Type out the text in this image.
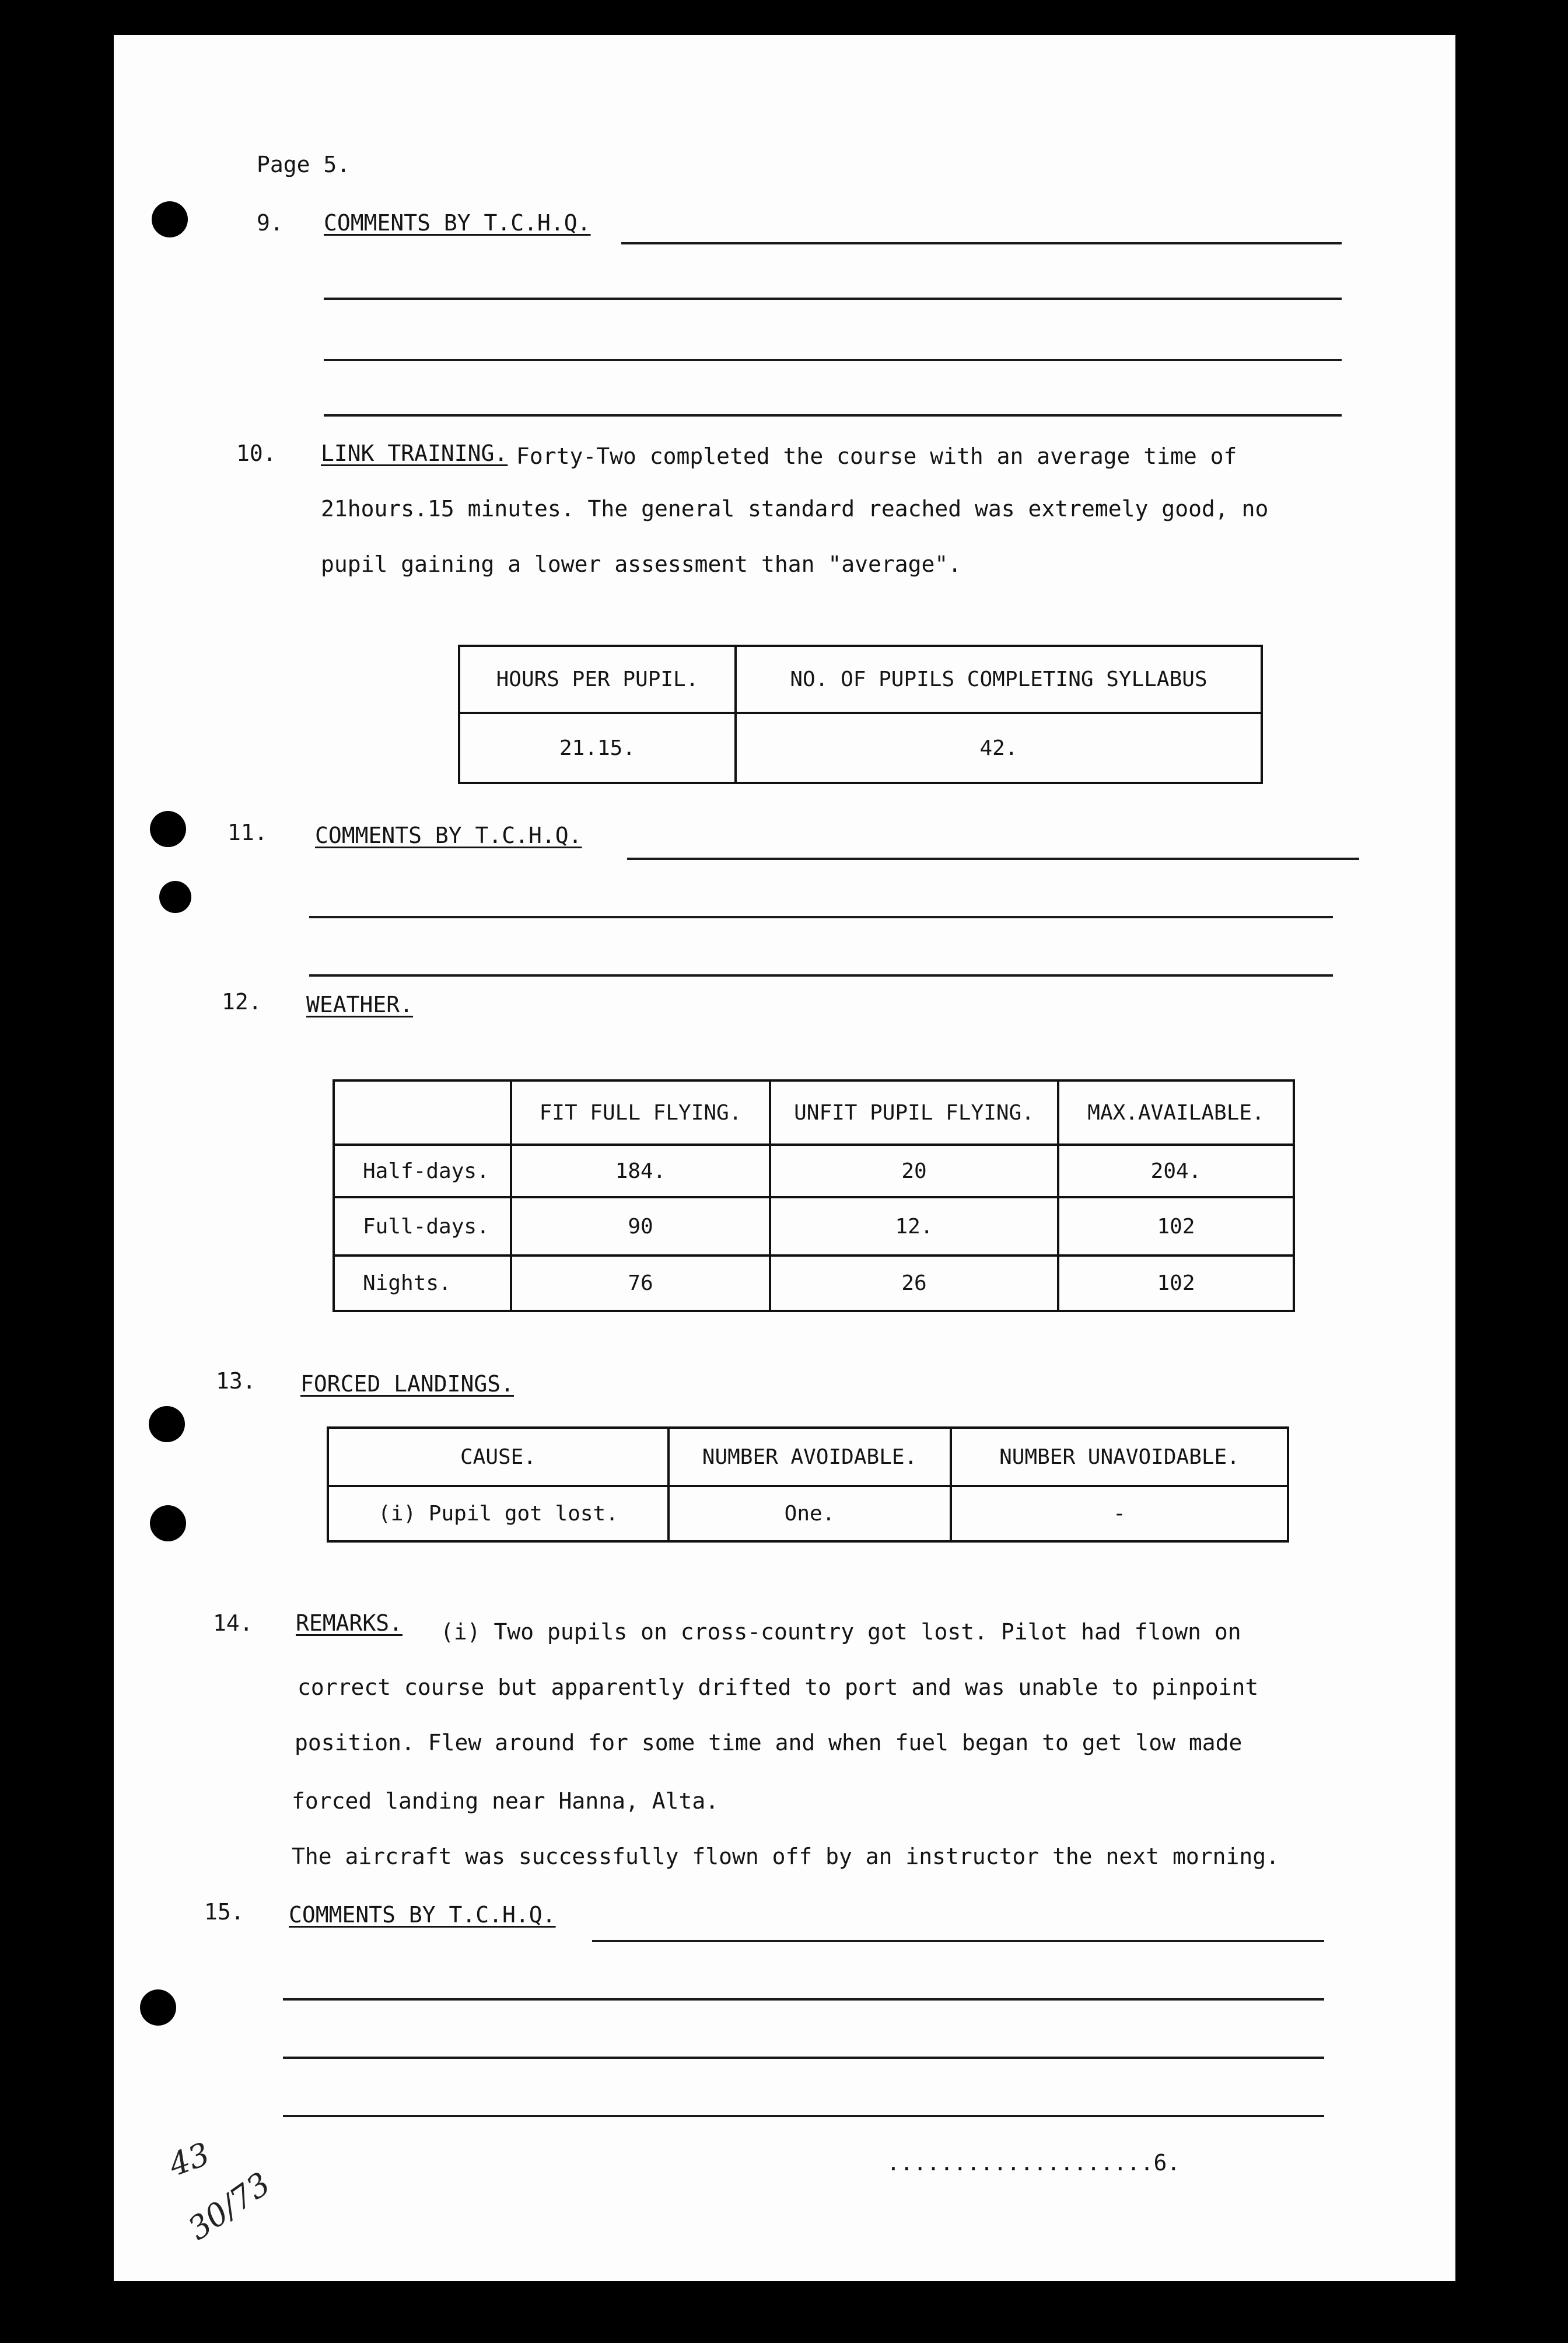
Page 5.
9. COMMENTS BY T.C.H.Q.
10. LINK TRAINING. Forty-Two completed the course with an average time of
21hours.15 minutes. The general standard reached was extremely good, no
pupil gaining a lower assessment than "average".
HOURS PER PUPIL.	NO. OF PUPILS COMPLETING SYLLABUS
21.15.	42.
11. COMMENTS BY T.C.H.Q.
12. WEATHER.
	FIT FULL FLYING.	UNFIT PUPIL FLYING.	MAX.AVAILABLE.
Half-days.	184.	20	204.
Full-days.	90	12.	102
Nights.	76	26	102
13. FORCED LANDINGS.
CAUSE.	NUMBER AVOIDABLE.	NUMBER UNAVOIDABLE.
(i) Pupil got lost.	One.	-
14. REMARKS. (i) Two pupils on cross-country got lost. Pilot had flown on
correct course but apparently drifted to port and was unable to pinpoint
position. Flew around for some time and when fuel began to get low made
forced landing near Hanna, Alta.
The aircraft was successfully flown off by an instructor the next morning.
15. COMMENTS BY T.C.H.Q.
....................6.
43
30/73
